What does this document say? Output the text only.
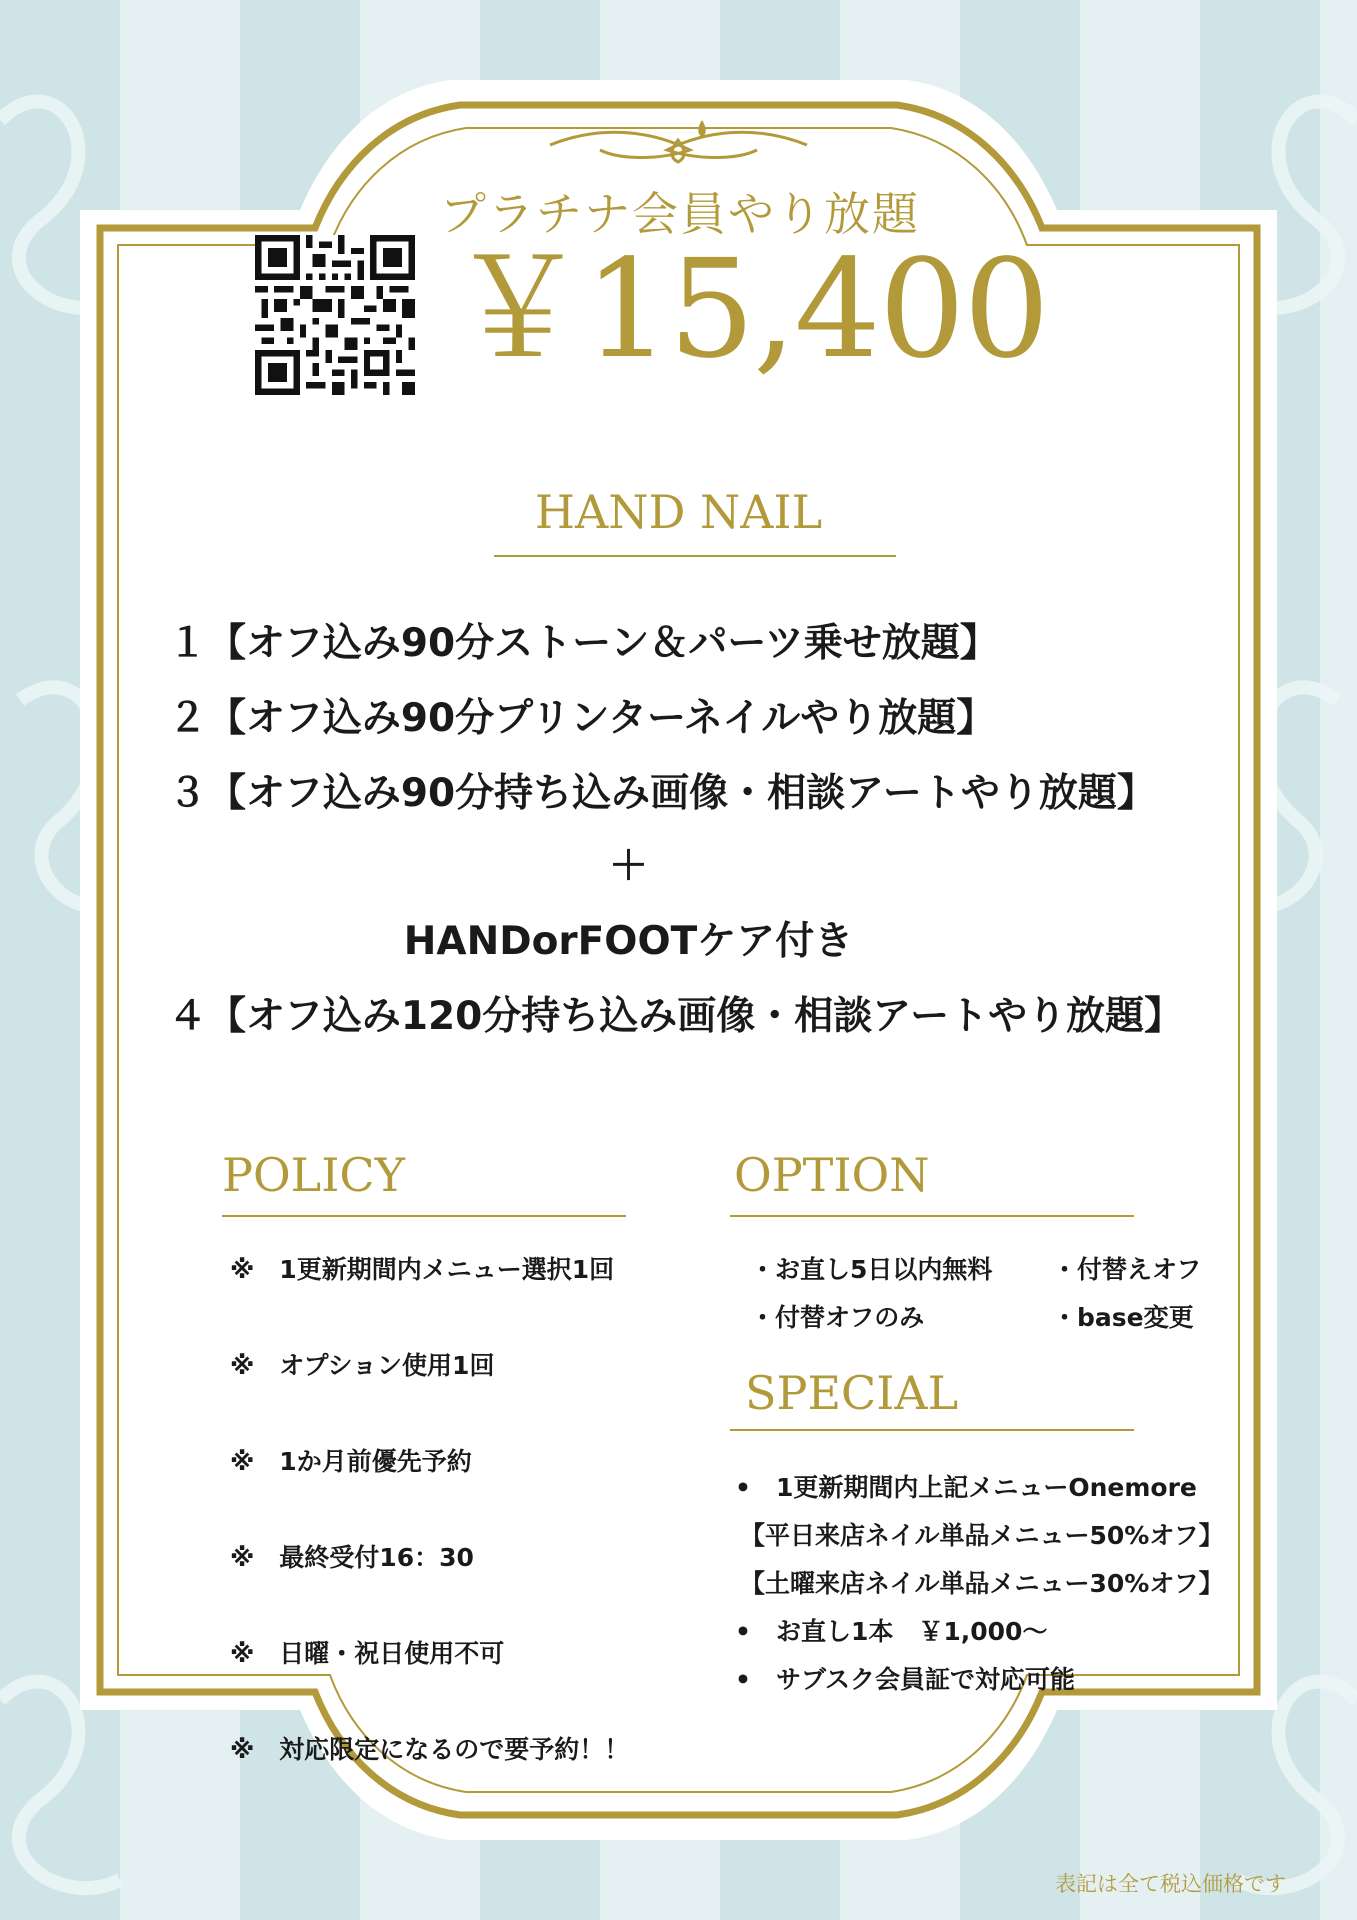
プラチナ会員やり放題
￥15,400
HAND NAIL
１【オフ込み90分ストーン＆パーツ乗せ放題】
２【オフ込み90分プリンターネイルやり放題】
３【オフ込み90分持ち込み画像・相談アートやり放題】
＋
HANDorFOOTケア付き
４【オフ込み120分持ち込み画像・相談アートやり放題】
POLICY
※　1更新期間内メニュー選択1回
※　オプション使用1回
※　1か月前優先予約
※　最終受付16：30
※　日曜・祝日使用不可
※　対応限定になるので要予約！！
OPTION
・お直し5日以内無料 ・付替えオフ
・付替オフのみ	・base変更
SPECIAL
•　1更新期間内上記メニューOnemore
【平日来店ネイル単品メニュー50%オフ】
【土曜来店ネイル単品メニュー30%オフ】
•　お直し1本　￥1,000～
•　サブスク会員証で対応可能
表記は全て税込価格です
